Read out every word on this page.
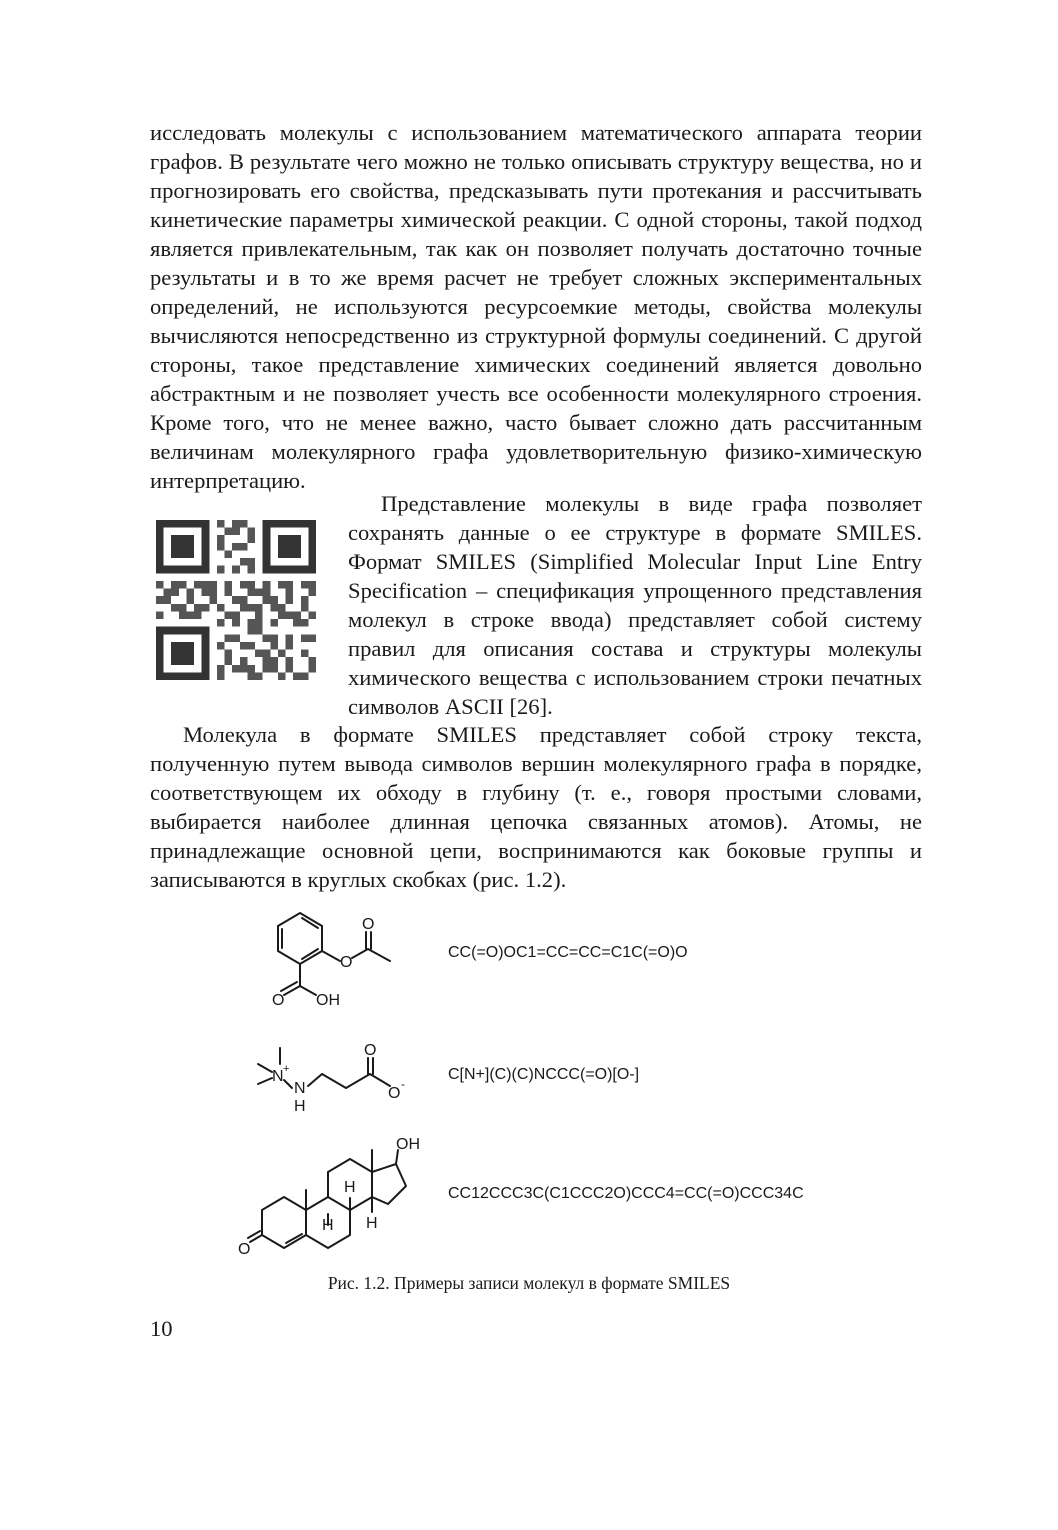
исследовать молекулы с использованием математического аппарата теории графов. В результате чего можно не только описывать структуру вещества, но и прогнозировать его свойства, предсказывать пути протекания и рассчитывать кинетические параметры химической реакции. С одной стороны, такой подход является привлекательным, так как он позволяет получать достаточно точные результаты и в то же время расчет не требует сложных экспериментальных определений, не используются ресурсоемкие методы, свойства молекулы вычисляются непосредственно из структурной формулы соединений. С другой стороны, такое представление химических соединений является довольно абстрактным и не позволяет учесть все особенности молекулярного строения. Кроме того, что не менее важно, часто бывает сложно дать рассчитанным величинам молекулярного графа удовлетворительную физико-химическую интерпретацию.

Представление молекулы в виде графа позволяет сохранять данные о ее структуре в формате SMILES. Формат SMILES (Simplified Molecular Input Line Entry Specification – спецификация упрощенного представления молекул в строке ввода) представляет собой систему правил для описания состава и структуры молекулы химического вещества с использованием строки печатных символов ASCII [26].

Молекула в формате SMILES представляет собой строку текста, полученную путем вывода символов вершин молекулярного графа в порядке, соответствующем их обходу в глубину (т. е., говоря простыми словами, выбирается наиболее длинная цепочка связанных атомов). Атомы, не принадлежащие основной цепи, воспринимаются как боковые группы и записываются в круглых скобках (рис. 1.2).

O
O
O OH
CC(=O)OC1=CC=CC=C1C(=O)O
N +
N
H
O
O
-
C[N+](C)(C)NCCC(=O)[O-]
OH
H
H H
O
CC12CCC3C(C1CCC2O)CCC4=CC(=O)CCC34C
Рис. 1.2. Примеры записи молекул в формате SMILES
10
